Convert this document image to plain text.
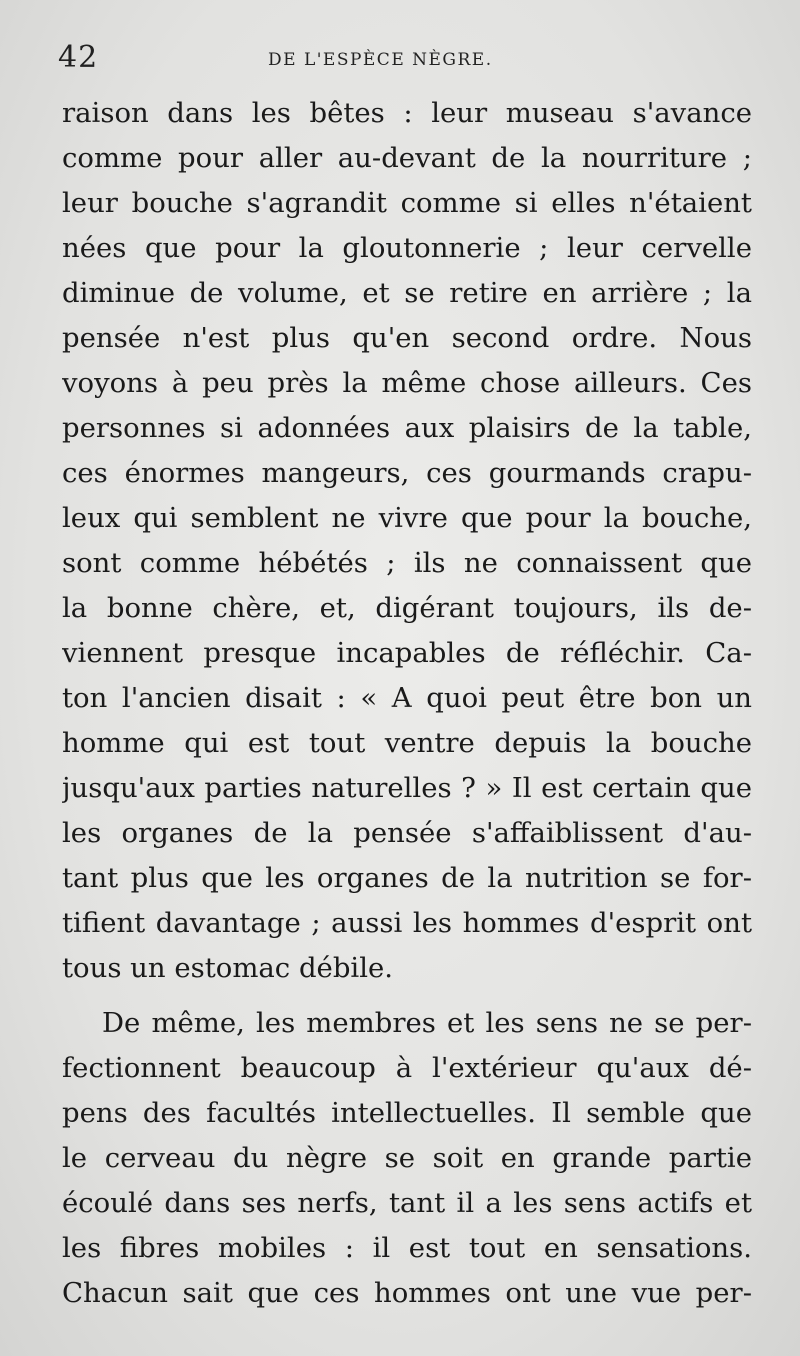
42	DE L'ESPÈCE NÈGRE.
raison dans les bêtes : leur museau s'avance
comme pour aller au-devant de la nourriture ;
leur bouche s'agrandit comme si elles n'étaient
nées que pour la gloutonnerie ; leur cervelle
diminue de volume, et se retire en arrière ; la
pensée n'est plus qu'en second ordre. Nous
voyons à peu près la même chose ailleurs. Ces
personnes si adonnées aux plaisirs de la table,
ces énormes mangeurs, ces gourmands crapu-
leux qui semblent ne vivre que pour la bouche,
sont comme hébétés ; ils ne connaissent que
la bonne chère, et, digérant toujours, ils de-
viennent presque incapables de réfléchir. Ca-
ton l'ancien disait : « A quoi peut être bon un
homme qui est tout ventre depuis la bouche
jusqu'aux parties naturelles ? » Il est certain que
les organes de la pensée s'affaiblissent d'au-
tant plus que les organes de la nutrition se for-
tifient davantage ; aussi les hommes d'esprit ont
tous un estomac débile.
De même, les membres et les sens ne se per-
fectionnent beaucoup à l'extérieur qu'aux dé-
pens des facultés intellectuelles. Il semble que
le cerveau du nègre se soit en grande partie
écoulé dans ses nerfs, tant il a les sens actifs et
les fibres mobiles : il est tout en sensations.
Chacun sait que ces hommes ont une vue per-
